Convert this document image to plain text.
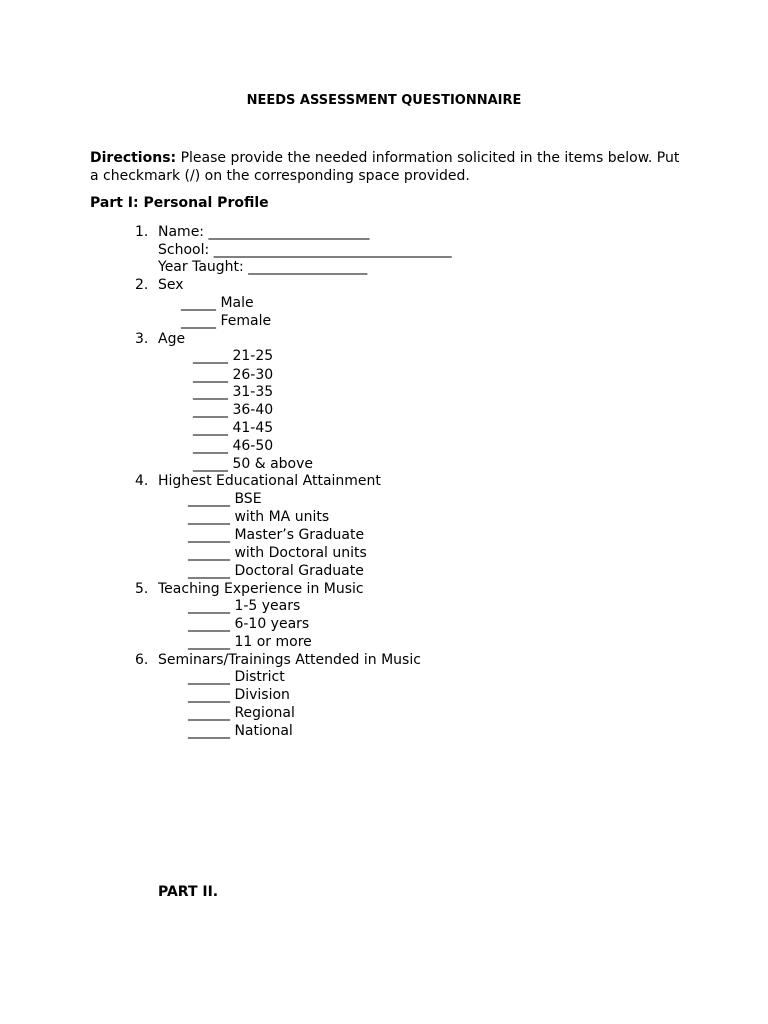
NEEDS ASSESSMENT QUESTIONNAIRE
Directions: Please provide the needed information solicited in the items below. Put a checkmark (/) on the corresponding space provided.
Part I: Personal Profile
1. Name: _______________________
School: __________________________________
Year Taught: _________________
2. Sex
_____ Male
_____ Female
3. Age
_____ 21-25
_____ 26-30
_____ 31-35
_____ 36-40
_____ 41-45
_____ 46-50
_____ 50 & above
4. Highest Educational Attainment
______ BSE
______ with MA units
______ Master’s Graduate
______ with Doctoral units
______ Doctoral Graduate
5. Teaching Experience in Music
______ 1-5 years
______ 6-10 years
______ 11 or more
6. Seminars/Trainings Attended in Music
______ District
______ Division
______ Regional
______ National
PART II.
